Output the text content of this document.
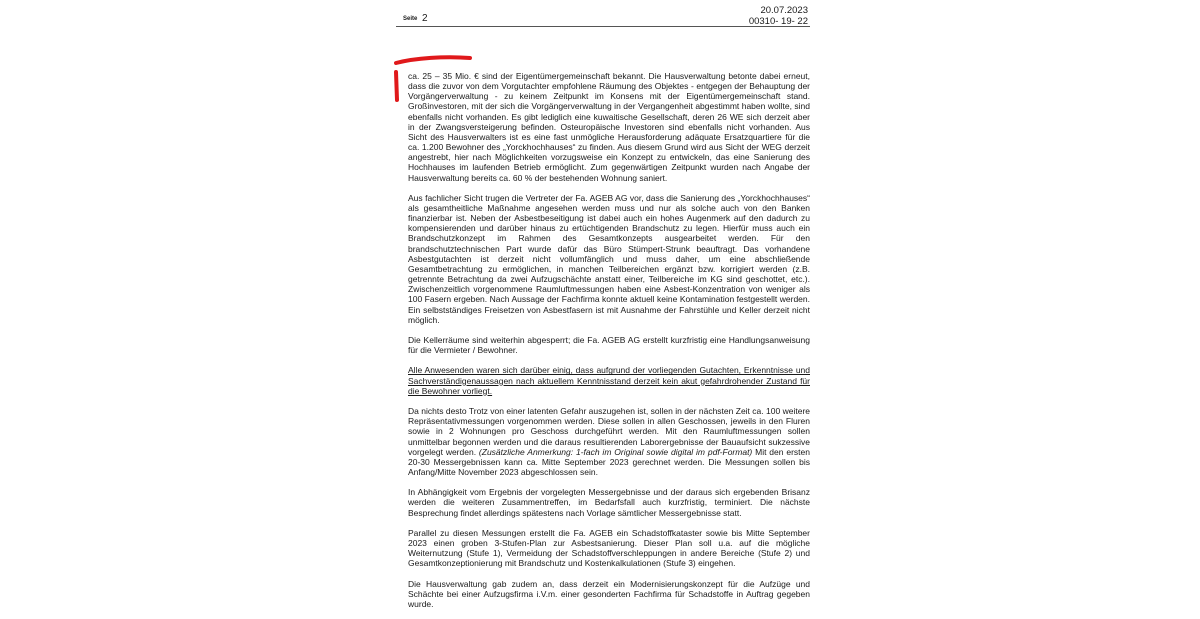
Seite 2
20.07.2023
00310- 19- 22

ca. 25 – 35 Mio. € sind der Eigentümergemeinschaft bekannt. Die Hausverwaltung betonte dabei erneut, dass die zuvor von dem Vorgutachter empfohlene Räumung des Objektes - entgegen der Behauptung der Vorgängerverwaltung - zu keinem Zeitpunkt im Konsens mit der Eigentümergemeinschaft stand. Großinvestoren, mit der sich die Vorgängerverwaltung in der Vergangenheit abgestimmt haben wollte, sind ebenfalls nicht vorhanden. Es gibt lediglich eine kuwaitische Gesellschaft, deren 26 WE sich derzeit aber in der Zwangsversteigerung befinden. Osteuropäische Investoren sind ebenfalls nicht vorhanden. Aus Sicht des Hausverwalters ist es eine fast unmögliche Herausforderung adäquate Ersatzquartiere für die ca. 1.200 Bewohner des „Yorckhochhauses“ zu finden. Aus diesem Grund wird aus Sicht der WEG derzeit angestrebt, hier nach Möglichkeiten vorzugsweise ein Konzept zu entwickeln, das eine Sanierung des Hochhauses im laufenden Betrieb ermöglicht. Zum gegenwärtigen Zeitpunkt wurden nach Angabe der Hausverwaltung bereits ca. 60 % der bestehenden Wohnung saniert.

Aus fachlicher Sicht trugen die Vertreter der Fa. AGEB AG vor, dass die Sanierung des „Yorckhochhauses“ als gesamtheitliche Maßnahme angesehen werden muss und nur als solche auch von den Banken finanzierbar ist. Neben der Asbestbeseitigung ist dabei auch ein hohes Augenmerk auf den dadurch zu kompensierenden und darüber hinaus zu ertüchtigenden Brandschutz zu legen. Hierfür muss auch ein Brandschutzkonzept im Rahmen des Gesamtkonzepts ausgearbeitet werden. Für den brandschutztechnischen Part wurde dafür das Büro Stümpert-Strunk beauftragt. Das vorhandene Asbestgutachten ist derzeit nicht vollumfänglich und muss daher, um eine abschließende Gesamtbetrachtung zu ermöglichen, in manchen Teilbereichen ergänzt bzw. korrigiert werden (z.B. getrennte Betrachtung da zwei Aufzugschächte anstatt einer, Teilbereiche im KG sind geschottet, etc.). Zwischenzeitlich vorgenommene Raumluftmessungen haben eine Asbest-Konzentration von weniger als 100 Fasern ergeben. Nach Aussage der Fachfirma konnte aktuell keine Kontamination festgestellt werden. Ein selbstständiges Freisetzen von Asbestfasern ist mit Ausnahme der Fahrstühle und Keller derzeit nicht möglich.

Die Kellerräume sind weiterhin abgesperrt; die Fa. AGEB AG erstellt kurzfristig eine Handlungsanweisung für die Vermieter / Bewohner.

Alle Anwesenden waren sich darüber einig, dass aufgrund der vorliegenden Gutachten, Erkenntnisse und Sachverständigenaussagen nach aktuellem Kenntnisstand derzeit kein akut gefahrdrohender Zustand für die Bewohner vorliegt.

Da nichts desto Trotz von einer latenten Gefahr auszugehen ist, sollen in der nächsten Zeit ca. 100 weitere Repräsentativmessungen vorgenommen werden. Diese sollen in allen Geschossen, jeweils in den Fluren sowie in 2 Wohnungen pro Geschoss durchgeführt werden. Mit den Raumluftmessungen sollen unmittelbar begonnen werden und die daraus resultierenden Laborergebnisse der Bauaufsicht sukzessive vorgelegt werden. (Zusätzliche Anmerkung: 1-fach im Original sowie digital im pdf-Format) Mit den ersten 20-30 Messergebnissen kann ca. Mitte September 2023 gerechnet werden. Die Messungen sollen bis Anfang/Mitte November 2023 abgeschlossen sein.

In Abhängigkeit vom Ergebnis der vorgelegten Messergebnisse und der daraus sich ergebenden Brisanz werden die weiteren Zusammentreffen, im Bedarfsfall auch kurzfristig, terminiert. Die nächste Besprechung findet allerdings spätestens nach Vorlage sämtlicher Messergebnisse statt.

Parallel zu diesen Messungen erstellt die Fa. AGEB ein Schadstoffkataster sowie bis Mitte September 2023 einen groben 3-Stufen-Plan zur Asbestsanierung. Dieser Plan soll u.a. auf die mögliche Weiternutzung (Stufe 1), Vermeidung der Schadstoffverschleppungen in andere Bereiche (Stufe 2) und Gesamtkonzeptionierung mit Brandschutz und Kostenkalkulationen (Stufe 3) eingehen.

Die Hausverwaltung gab zudem an, dass derzeit ein Modernisierungskonzept für die Aufzüge und Schächte bei einer Aufzugsfirma i.V.m. einer gesonderten Fachfirma für Schadstoffe in Auftrag gegeben wurde.
